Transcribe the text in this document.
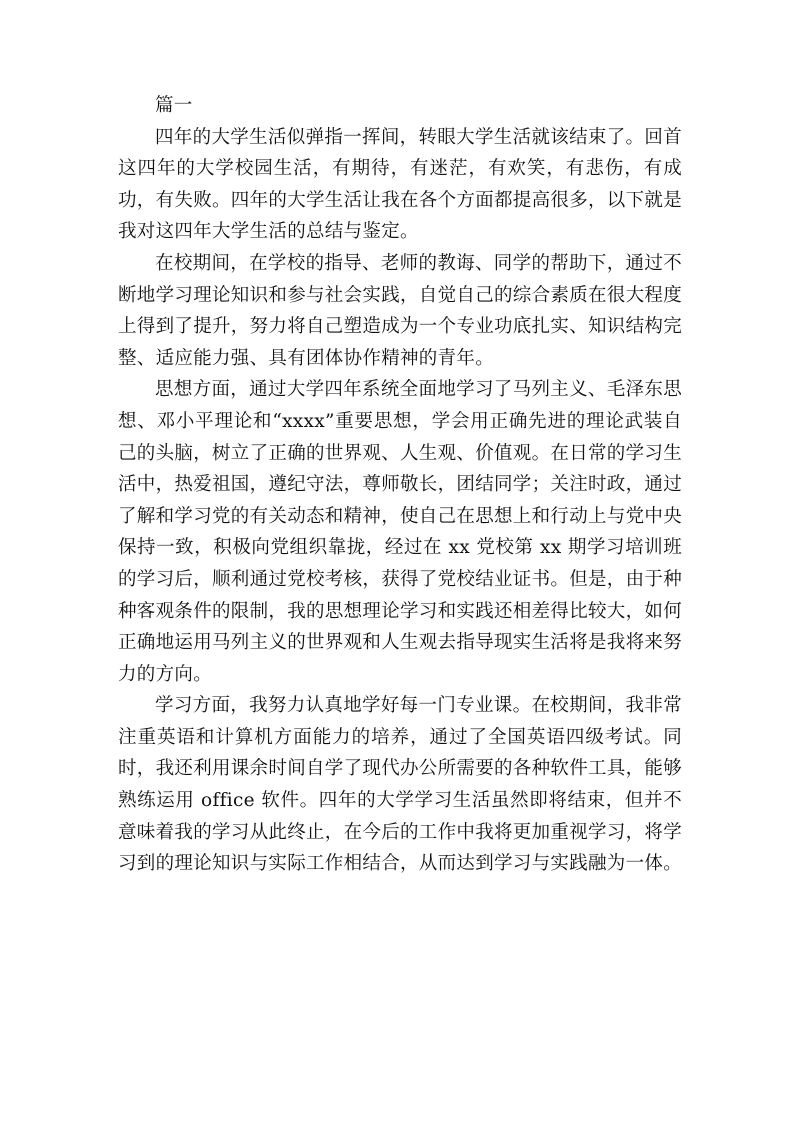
篇一

四年的大学生活似弹指一挥间，转眼大学生活就该结束了。回首这四年的大学校园生活，有期待，有迷茫，有欢笑，有悲伤，有成功，有失败。四年的大学生活让我在各个方面都提高很多，以下就是我对这四年大学生活的总结与鉴定。

在校期间，在学校的指导、老师的教诲、同学的帮助下，通过不断地学习理论知识和参与社会实践，自觉自己的综合素质在很大程度上得到了提升，努力将自己塑造成为一个专业功底扎实、知识结构完整、适应能力强、具有团体协作精神的青年。

思想方面，通过大学四年系统全面地学习了马列主义、毛泽东思想、邓小平理论和“xxxx”重要思想，学会用正确先进的理论武装自己的头脑，树立了正确的世界观、人生观、价值观。在日常的学习生活中，热爱祖国，遵纪守法，尊师敬长，团结同学；关注时政，通过了解和学习党的有关动态和精神，使自己在思想上和行动上与党中央保持一致，积极向党组织靠拢，经过在 xx 党校第 xx 期学习培训班的学习后，顺利通过党校考核，获得了党校结业证书。但是，由于种种客观条件的限制，我的思想理论学习和实践还相差得比较大，如何正确地运用马列主义的世界观和人生观去指导现实生活将是我将来努力的方向。

学习方面，我努力认真地学好每一门专业课。在校期间，我非常注重英语和计算机方面能力的培养，通过了全国英语四级考试。同时，我还利用课余时间自学了现代办公所需要的各种软件工具，能够熟练运用 office 软件。四年的大学学习生活虽然即将结束，但并不意味着我的学习从此终止，在今后的工作中我将更加重视学习，将学习到的理论知识与实际工作相结合，从而达到学习与实践融为一体。
